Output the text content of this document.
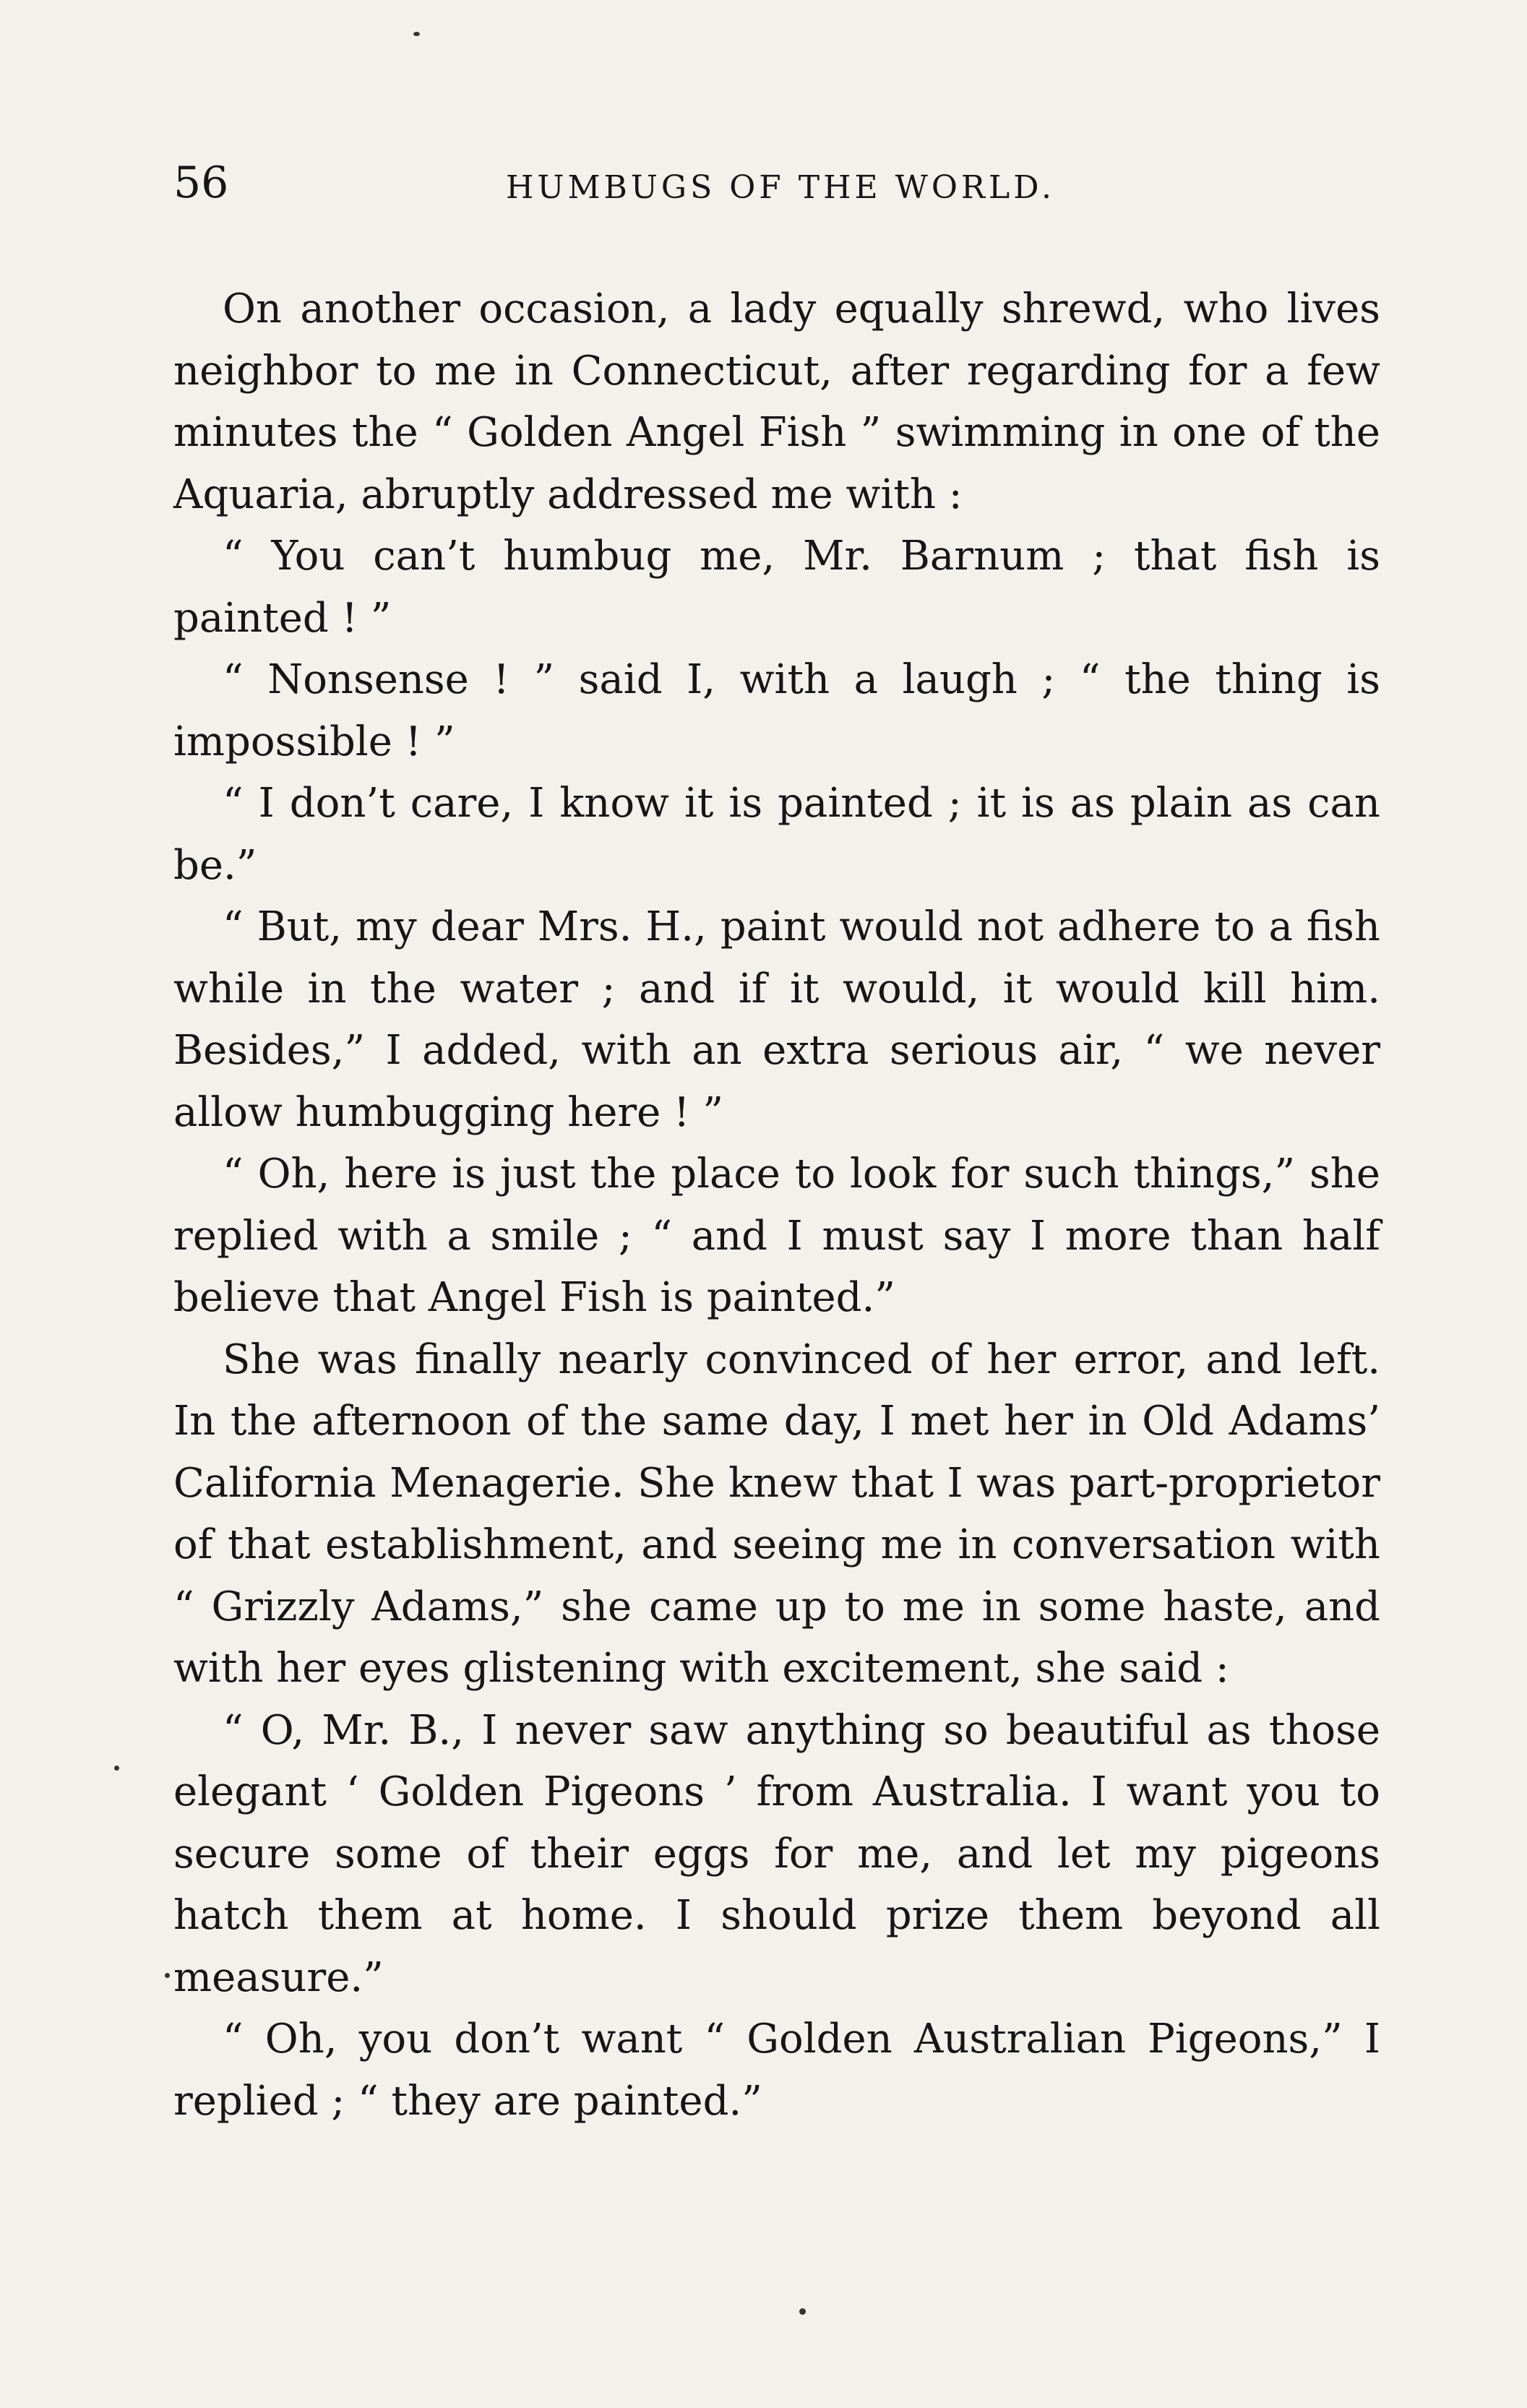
56	HUMBUGS OF THE WORLD.

On another occasion, a lady equally shrewd, who lives neighbor to me in Connecticut, after regarding for a few minutes the “ Golden Angel Fish ” swimming in one of the Aquaria, abruptly addressed me with :

“ You can’t humbug me, Mr. Barnum ; that fish is painted ! ”

“ Nonsense ! ” said I, with a laugh ; “ the thing is impossible ! ”

“ I don’t care, I know it is painted ; it is as plain as can be.”

“ But, my dear Mrs. H., paint would not adhere to a fish while in the water ; and if it would, it would kill him. Besides,” I added, with an extra serious air, “ we never allow humbugging here ! ”

“ Oh, here is just the place to look for such things,” she replied with a smile ; “ and I must say I more than half believe that Angel Fish is painted.”

She was finally nearly convinced of her error, and left. In the afternoon of the same day, I met her in Old Adams’ California Menagerie. She knew that I was part-proprietor of that establishment, and seeing me in conversation with “ Grizzly Adams,” she came up to me in some haste, and with her eyes glistening with excitement, she said :

“ O, Mr. B., I never saw anything so beautiful as those elegant ‘ Golden Pigeons ’ from Australia. I want you to secure some of their eggs for me, and let my pigeons hatch them at home. I should prize them beyond all measure.”

“ Oh, you don’t want “ Golden Australian Pigeons,” I replied ; “ they are painted.”
